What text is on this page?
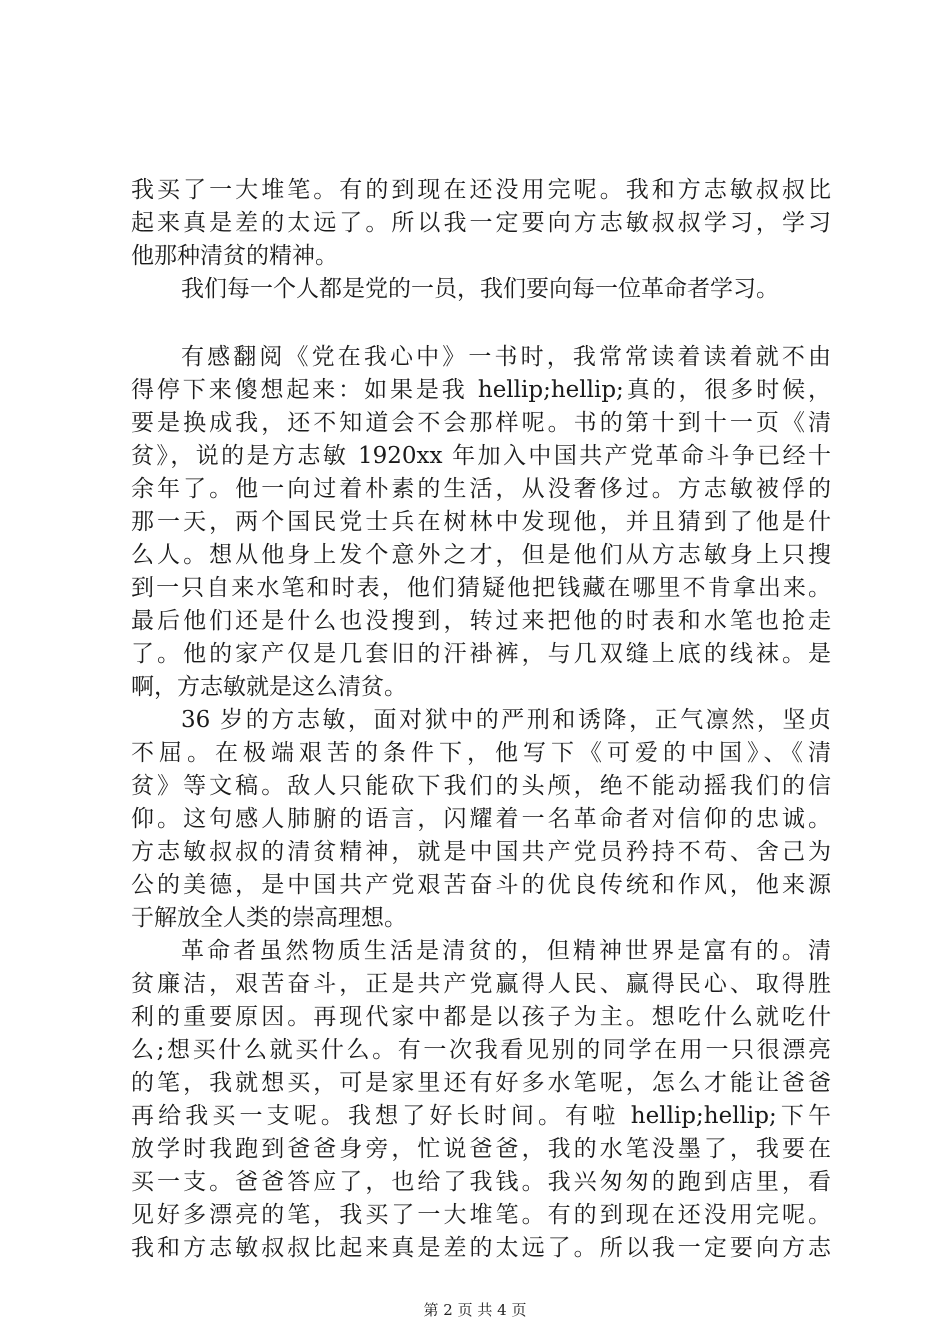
我买了一大堆笔。有的到现在还没用完呢。我和方志敏叔叔比
起来真是差的太远了。所以我一定要向方志敏叔叔学习，学习
他那种清贫的精神。
我们每一个人都是党的一员，我们要向每一位革命者学习。
有感翻阅《党在我心中》一书时，我常常读着读着就不由
得停下来傻想起来：如果是我 hellip;hellip;真的，很多时候，
要是换成我，还不知道会不会那样呢。书的第十到十一页《清
贫》，说的是方志敏 1920xx 年加入中国共产党革命斗争已经十
余年了。他一向过着朴素的生活，从没奢侈过。方志敏被俘的
那一天，两个国民党士兵在树林中发现他，并且猜到了他是什
么人。想从他身上发个意外之才，但是他们从方志敏身上只搜
到一只自来水笔和时表，他们猜疑他把钱藏在哪里不肯拿出来。
最后他们还是什么也没搜到，转过来把他的时表和水笔也抢走
了。他的家产仅是几套旧的汗褂裤，与几双缝上底的线袜。是
啊，方志敏就是这么清贫。
36 岁的方志敏，面对狱中的严刑和诱降，正气凛然，坚贞
不屈。在极端艰苦的条件下，他写下《可爱的中国》、《清
贫》等文稿。敌人只能砍下我们的头颅，绝不能动摇我们的信
仰。这句感人肺腑的语言，闪耀着一名革命者对信仰的忠诚。
方志敏叔叔的清贫精神，就是中国共产党员矜持不苟、舍己为
公的美德，是中国共产党艰苦奋斗的优良传统和作风，他来源
于解放全人类的崇高理想。
革命者虽然物质生活是清贫的，但精神世界是富有的。清
贫廉洁，艰苦奋斗，正是共产党赢得人民、赢得民心、取得胜
利的重要原因。再现代家中都是以孩子为主。想吃什么就吃什
么;想买什么就买什么。有一次我看见别的同学在用一只很漂亮
的笔，我就想买，可是家里还有好多水笔呢，怎么才能让爸爸
再给我买一支呢。我想了好长时间。有啦 hellip;hellip;下午
放学时我跑到爸爸身旁，忙说爸爸，我的水笔没墨了，我要在
买一支。爸爸答应了，也给了我钱。我兴匆匆的跑到店里，看
见好多漂亮的笔，我买了一大堆笔。有的到现在还没用完呢。
我和方志敏叔叔比起来真是差的太远了。所以我一定要向方志
第 2 页 共 4 页
